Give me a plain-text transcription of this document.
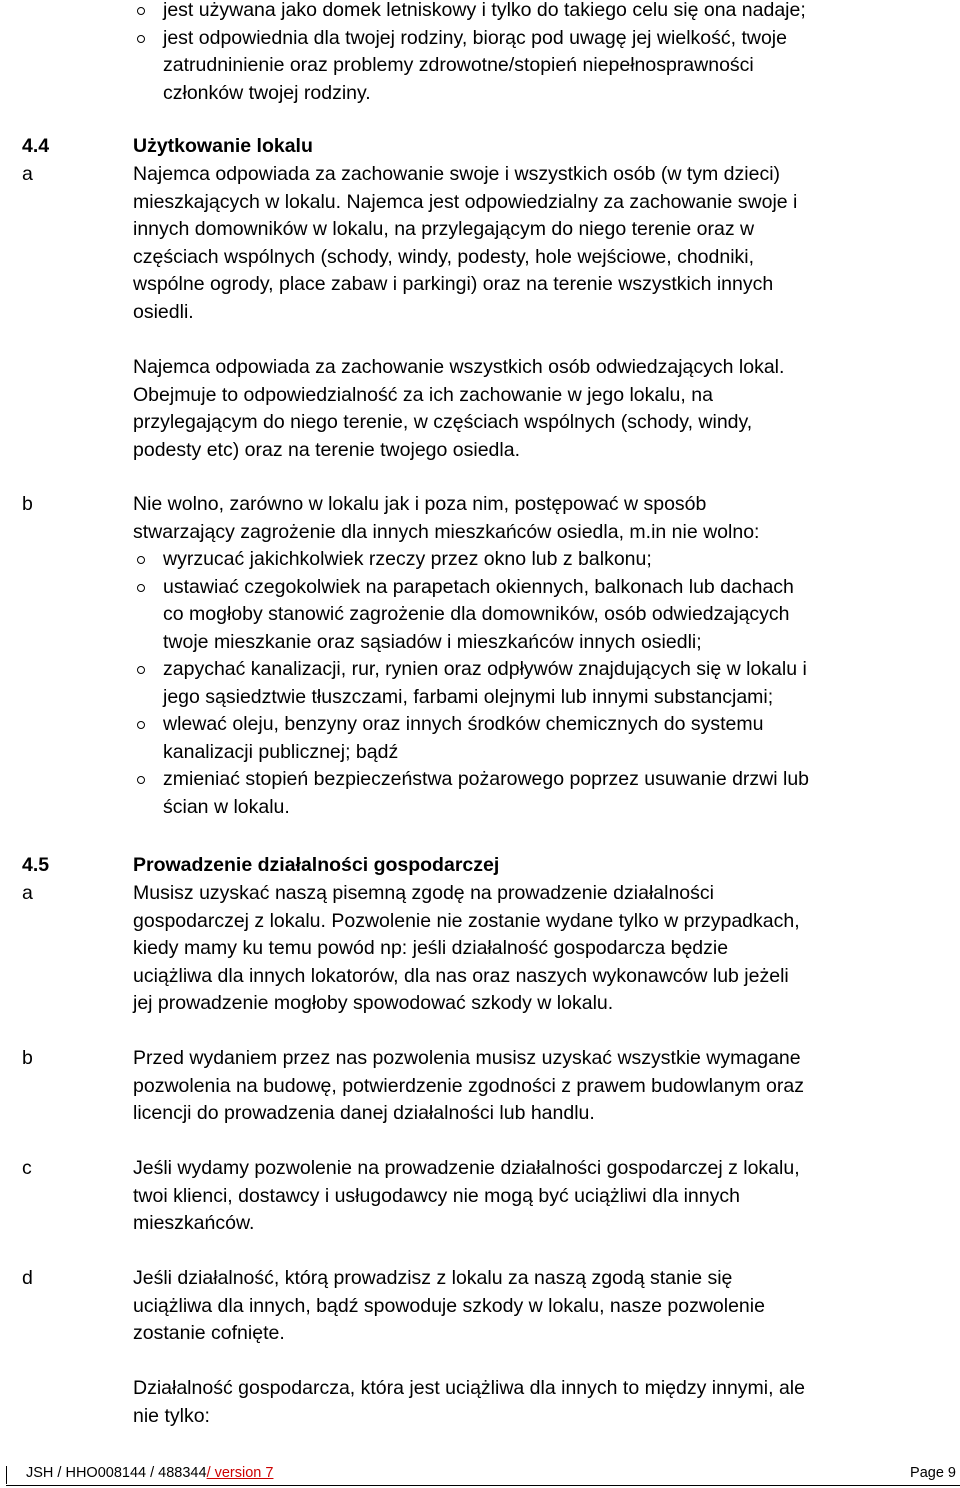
jest używana jako domek letniskowy i tylko do takiego celu się ona nadaje;
jest odpowiednia dla twojej rodziny, biorąc pod uwagę jej wielkość, twoje
zatrudninienie oraz problemy zdrowotne/stopień niepełnosprawności
członków twojej rodziny.
4.4	Użytkowanie lokalu
a	Najemca odpowiada za zachowanie swoje i wszystkich osób (w tym dzieci)
mieszkających w lokalu. Najemca jest odpowiedzialny za zachowanie swoje i
innych domowników w lokalu, na przylegającym do niego terenie oraz w
częściach wspólnych (schody, windy, podesty, hole wejściowe, chodniki,
wspólne ogrody, place zabaw i parkingi) oraz na terenie wszystkich innych
osiedli.
Najemca odpowiada za zachowanie wszystkich osób odwiedzających lokal.
Obejmuje to odpowiedzialność za ich zachowanie w jego lokalu, na
przylegającym do niego terenie, w częściach wspólnych (schody, windy,
podesty etc) oraz na terenie twojego osiedla.
b	Nie wolno, zarówno w lokalu jak i poza nim, postępować w sposób
stwarzający zagrożenie dla innych mieszkańców osiedla, m.in nie wolno:
wyrzucać jakichkolwiek rzeczy przez okno lub z balkonu;
ustawiać czegokolwiek na parapetach okiennych, balkonach lub dachach
co mogłoby stanowić zagrożenie dla domowników, osób odwiedzających
twoje mieszkanie oraz sąsiadów i mieszkańców innych osiedli;
zapychać kanalizacji, rur, rynien oraz odpływów znajdujących się w lokalu i
jego sąsiedztwie tłuszczami, farbami olejnymi lub innymi substancjami;
wlewać oleju, benzyny oraz innych środków chemicznych do systemu
kanalizacji publicznej; bądź
zmieniać stopień bezpieczeństwa pożarowego poprzez usuwanie drzwi lub
ścian w lokalu.
4.5	Prowadzenie działalności gospodarczej
a	Musisz uzyskać naszą pisemną zgodę na prowadzenie działalności
gospodarczej z lokalu. Pozwolenie nie zostanie wydane tylko w przypadkach,
kiedy mamy ku temu powód np: jeśli działalność gospodarcza będzie
uciążliwa dla innych lokatorów, dla nas oraz naszych wykonawców lub jeżeli
jej prowadzenie mogłoby spowodować szkody w lokalu.
b	Przed wydaniem przez nas pozwolenia musisz uzyskać wszystkie wymagane
pozwolenia na budowę, potwierdzenie zgodności z prawem budowlanym oraz
licencji do prowadzenia danej działalności lub handlu.
c	Jeśli wydamy pozwolenie na prowadzenie działalności gospodarczej z lokalu,
twoi klienci, dostawcy i usługodawcy nie mogą być uciążliwi dla innych
mieszkańców.
d	Jeśli działalność, którą prowadzisz z lokalu za naszą zgodą stanie się
uciążliwa dla innych, bądź spowoduje szkody w lokalu, nasze pozwolenie
zostanie cofnięte.
Działalność gospodarcza, która jest uciążliwa dla innych to między innymi, ale
nie tylko:
JSH / HHO008144 / 488344/ version 7	Page 9
